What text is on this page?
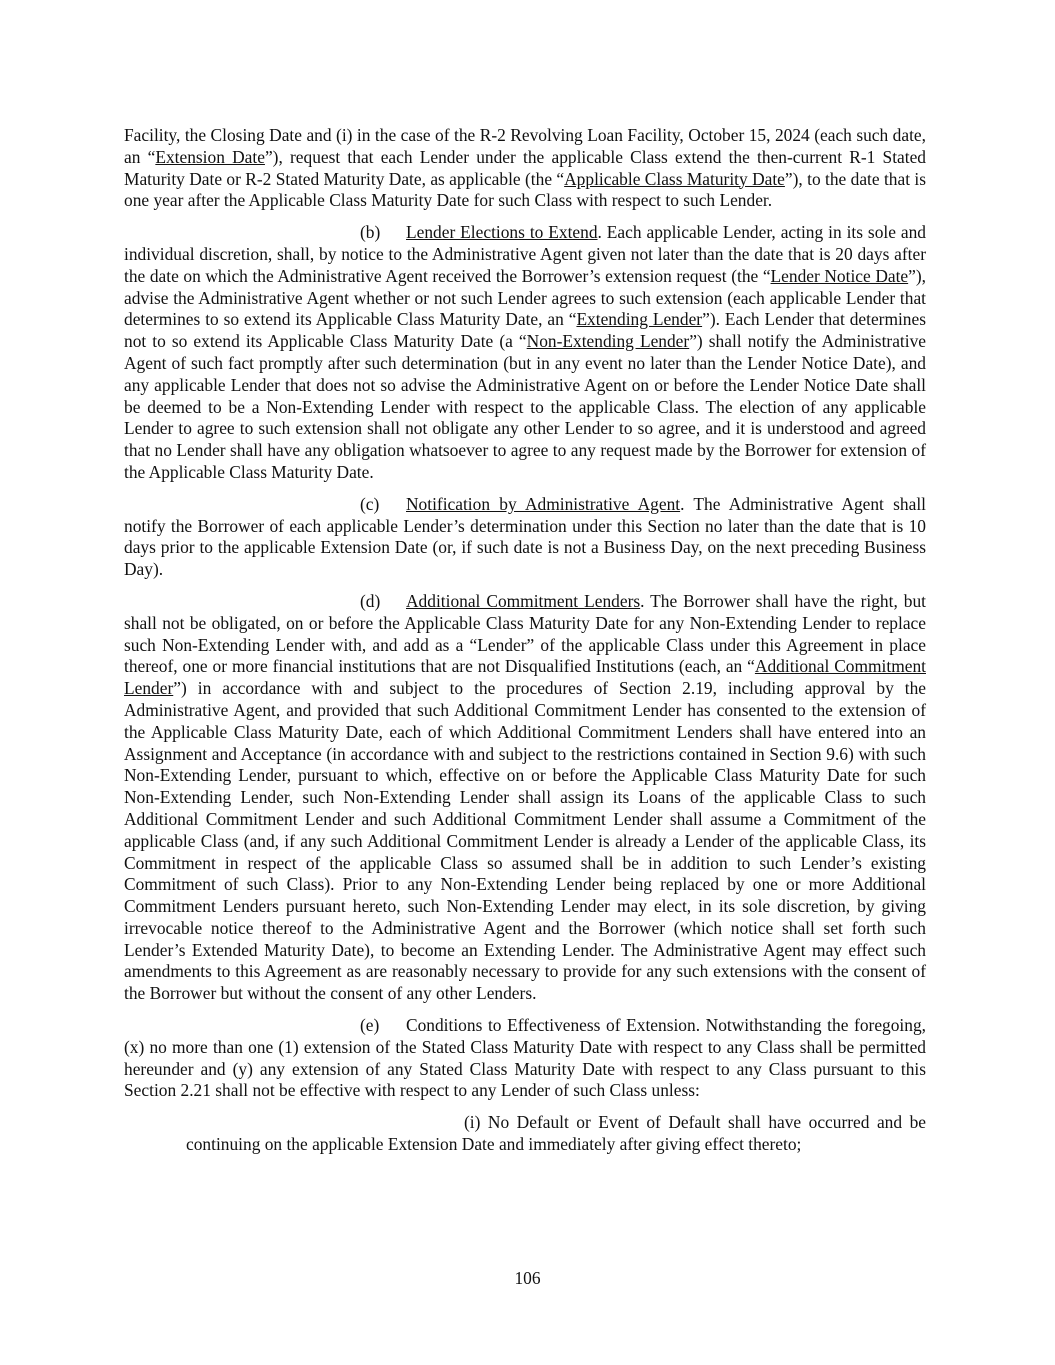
Facility, the Closing Date and (i) in the case of the R-2 Revolving Loan Facility, October 15, 2024 (each such date, an “Extension Date”), request that each Lender under the applicable Class extend the then-current R-1 Stated Maturity Date or R-2 Stated Maturity Date, as applicable (the “Applicable Class Maturity Date”), to the date that is one year after the Applicable Class Maturity Date for such Class with respect to such Lender.

(b) Lender Elections to Extend. Each applicable Lender, acting in its sole and individual discretion, shall, by notice to the Administrative Agent given not later than the date that is 20 days after the date on which the Administrative Agent received the Borrower’s extension request (the “Lender Notice Date”), advise the Administrative Agent whether or not such Lender agrees to such extension (each applicable Lender that determines to so extend its Applicable Class Maturity Date, an “Extending Lender”). Each Lender that determines not to so extend its Applicable Class Maturity Date (a “Non-Extending Lender”) shall notify the Administrative Agent of such fact promptly after such determination (but in any event no later than the Lender Notice Date), and any applicable Lender that does not so advise the Administrative Agent on or before the Lender Notice Date shall be deemed to be a Non-Extending Lender with respect to the applicable Class. The election of any applicable Lender to agree to such extension shall not obligate any other Lender to so agree, and it is understood and agreed that no Lender shall have any obligation whatsoever to agree to any request made by the Borrower for extension of the Applicable Class Maturity Date.

(c) Notification by Administrative Agent. The Administrative Agent shall notify the Borrower of each applicable Lender’s determination under this Section no later than the date that is 10 days prior to the applicable Extension Date (or, if such date is not a Business Day, on the next preceding Business Day).

(d) Additional Commitment Lenders. The Borrower shall have the right, but shall not be obligated, on or before the Applicable Class Maturity Date for any Non-Extending Lender to replace such Non-Extending Lender with, and add as a “Lender” of the applicable Class under this Agreement in place thereof, one or more financial institutions that are not Disqualified Institutions (each, an “Additional Commitment Lender”) in accordance with and subject to the procedures of Section 2.19, including approval by the Administrative Agent, and provided that such Additional Commitment Lender has consented to the extension of the Applicable Class Maturity Date, each of which Additional Commitment Lenders shall have entered into an Assignment and Acceptance (in accordance with and subject to the restrictions contained in Section 9.6) with such Non-Extending Lender, pursuant to which, effective on or before the Applicable Class Maturity Date for such Non-Extending Lender, such Non-Extending Lender shall assign its Loans of the applicable Class to such Additional Commitment Lender and such Additional Commitment Lender shall assume a Commitment of the applicable Class (and, if any such Additional Commitment Lender is already a Lender of the applicable Class, its Commitment in respect of the applicable Class so assumed shall be in addition to such Lender’s existing Commitment of such Class). Prior to any Non-Extending Lender being replaced by one or more Additional Commitment Lenders pursuant hereto, such Non-Extending Lender may elect, in its sole discretion, by giving irrevocable notice thereof to the Administrative Agent and the Borrower (which notice shall set forth such Lender’s Extended Maturity Date), to become an Extending Lender. The Administrative Agent may effect such amendments to this Agreement as are reasonably necessary to provide for any such extensions with the consent of the Borrower but without the consent of any other Lenders.

(e) Conditions to Effectiveness of Extension. Notwithstanding the foregoing, (x) no more than one (1) extension of the Stated Class Maturity Date with respect to any Class shall be permitted hereunder and (y) any extension of any Stated Class Maturity Date with respect to any Class pursuant to this Section 2.21 shall not be effective with respect to any Lender of such Class unless:

(i) No Default or Event of Default shall have occurred and be continuing on the applicable Extension Date and immediately after giving effect thereto;

106
